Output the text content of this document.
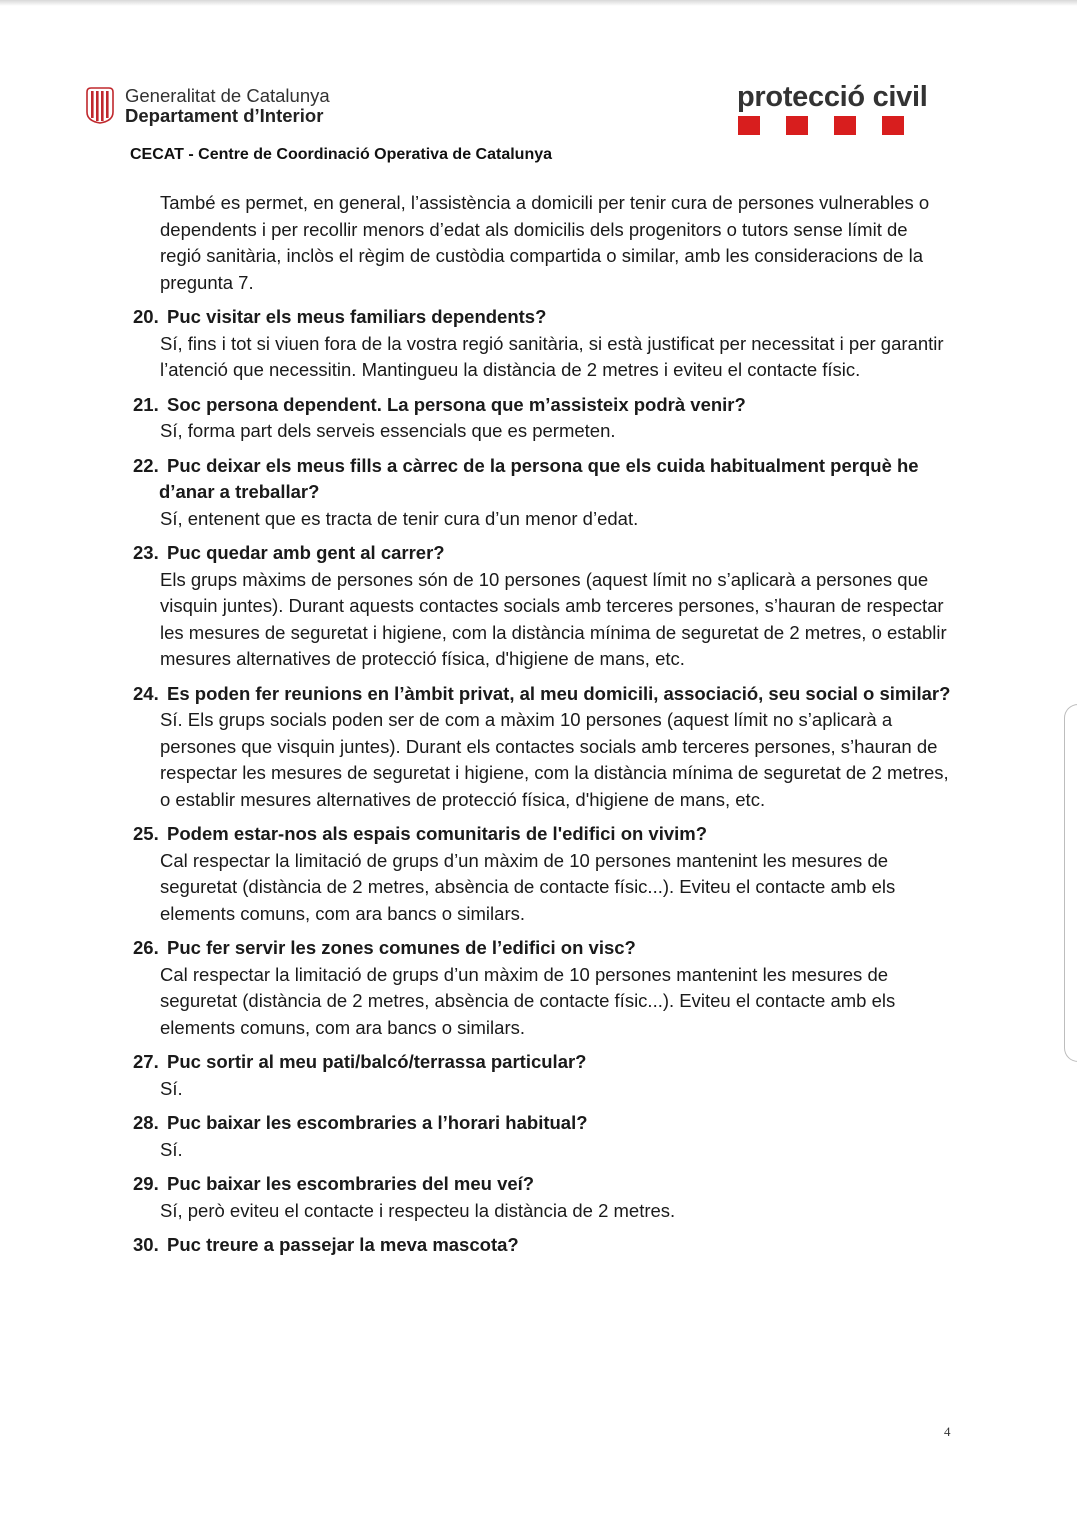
Generalitat de Catalunya
Departament d’Interior
protecció civil
CECAT - Centre de Coordinació Operativa de Catalunya
També es permet, en general, l’assistència a domicili per tenir cura de persones vulnerables o dependents i per recollir menors d’edat als domicilis dels progenitors o tutors sense límit de regió sanitària, inclòs el règim de custòdia compartida o similar, amb les consideracions de la pregunta 7.
20. Puc visitar els meus familiars dependents?
Sí, fins i tot si viuen fora de la vostra regió sanitària, si està justificat per necessitat i per garantir l’atenció que necessitin. Mantingueu la distància de 2 metres i eviteu el contacte físic.
21. Soc persona dependent. La persona que m’assisteix podrà venir?
Sí, forma part dels serveis essencials que es permeten.
22. Puc deixar els meus fills a càrrec de la persona que els cuida habitualment perquè he d’anar a treballar?
Sí, entenent que es tracta de tenir cura d’un menor d’edat.
23. Puc quedar amb gent al carrer?
Els grups màxims de persones són de 10 persones (aquest límit no s’aplicarà a persones que visquin juntes). Durant aquests contactes socials amb terceres persones, s’hauran de respectar les mesures de seguretat i higiene, com la distància mínima de seguretat de 2 metres, o establir mesures alternatives de protecció física, d'higiene de mans, etc.
24. Es poden fer reunions en l’àmbit privat, al meu domicili, associació, seu social o similar?
Sí. Els grups socials poden ser de com a màxim 10 persones (aquest límit no s’aplicarà a persones que visquin juntes). Durant els contactes socials amb terceres persones, s’hauran de respectar les mesures de seguretat i higiene, com la distància mínima de seguretat de 2 metres, o establir mesures alternatives de protecció física, d'higiene de mans, etc.
25. Podem estar-nos als espais comunitaris de l'edifici on vivim?
Cal respectar la limitació de grups d’un màxim de 10 persones mantenint les mesures de seguretat (distància de 2 metres, absència de contacte físic...). Eviteu el contacte amb els elements comuns, com ara bancs o similars.
26. Puc fer servir les zones comunes de l’edifici on visc?
Cal respectar la limitació de grups d’un màxim de 10 persones mantenint les mesures de seguretat (distància de 2 metres, absència de contacte físic...). Eviteu el contacte amb els elements comuns, com ara bancs o similars.
27. Puc sortir al meu pati/balcó/terrassa particular?
Sí.
28. Puc baixar les escombraries a l’horari habitual?
Sí.
29. Puc baixar les escombraries del meu veí?
Sí, però eviteu el contacte i respecteu la distància de 2 metres.
30. Puc treure a passejar la meva mascota?
4
